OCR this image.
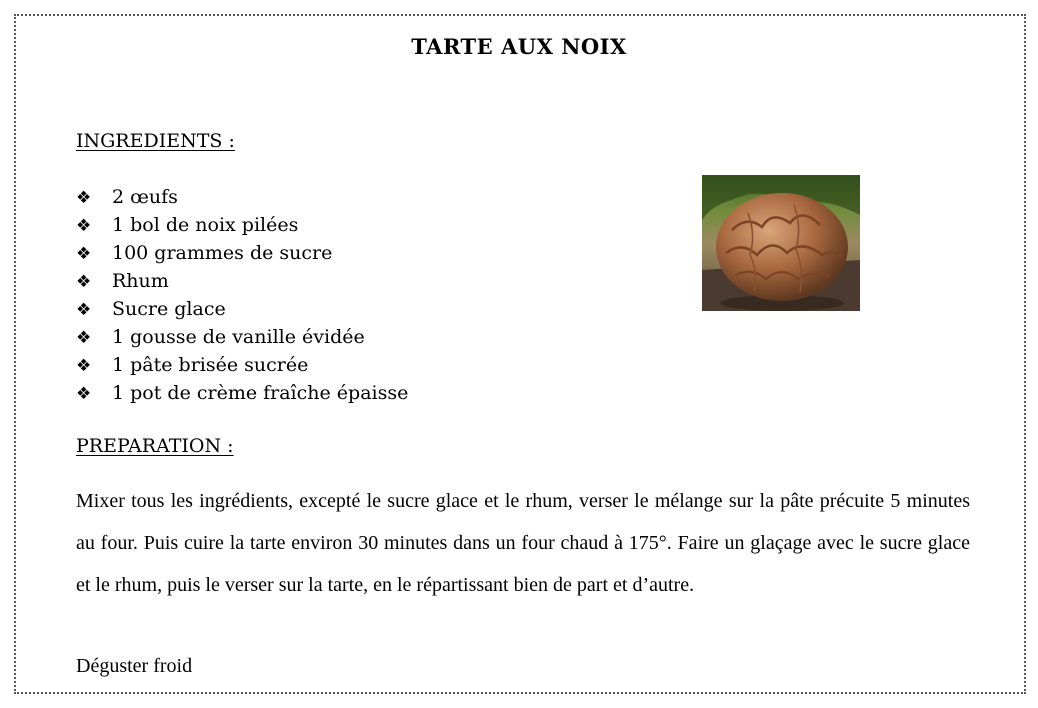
TARTE AUX NOIX
INGREDIENTS :
❖ 2 œufs
❖ 1 bol de noix pilées
❖ 100 grammes de sucre
❖ Rhum
❖ Sucre glace
❖ 1 gousse de vanille évidée
❖ 1 pâte brisée sucrée
❖ 1 pot de crème fraîche épaisse
PREPARATION :
Mixer tous les ingrédients, excepté le sucre glace et le rhum, verser le mélange sur la pâte précuite 5 minutes au four. Puis cuire la tarte environ 30 minutes dans un four chaud à 175°. Faire un glaçage avec le sucre glace et le rhum, puis le verser sur la tarte, en le répartissant bien de part et d’autre.
Déguster froid
